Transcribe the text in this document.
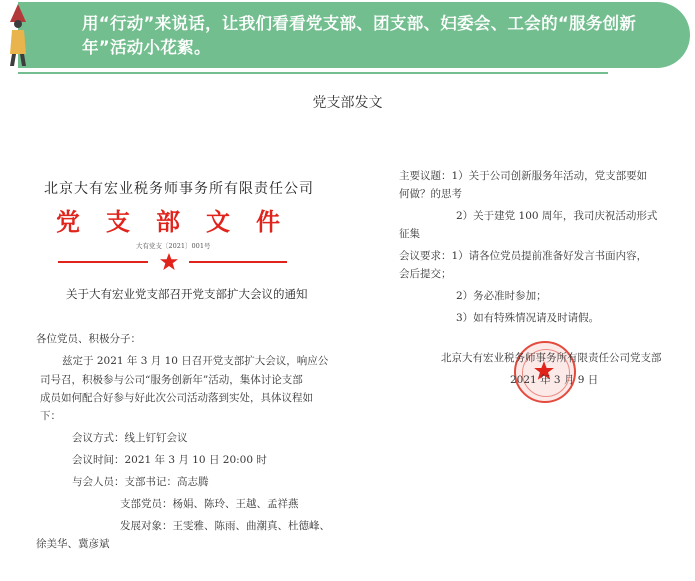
用“行动”来说话，让我们看看党支部、团支部、妇委会、工会的“服务创新年”活动小花絮。
党支部发文
北京大有宏业税务师事务所有限责任公司
党支部文件
大有党支〔2021〕001号
关于大有宏业党支部召开党支部扩大会议的通知
各位党员、积极分子：
兹定于 2021 年 3 月 10 日召开党支部扩大会议，响应公
司号召，积极参与公司“服务创新年”活动，集体讨论支部
成员如何配合好参与好此次公司活动落到实处，具体议程如
下：
会议方式：线上钉钉会议
会议时间：2021 年 3 月 10 日 20:00 时
与会人员：支部书记：高志腾
支部党员：杨娟、陈玲、王越、孟祥燕
发展对象：王雯雅、陈雨、曲潮真、杜德峰、
徐美华、冀彦斌
主要议题：1）关于公司创新服务年活动，党支部要如
何做？的思考
2）关于建党 100 周年，我司庆祝活动形式
征集
会议要求：1）请各位党员提前准备好发言书面内容，
会后提交；
2）务必准时参加；
3）如有特殊情况请及时请假。
北京大有宏业税务师事务所有限责任公司党支部
2021 年 3 月 9 日
